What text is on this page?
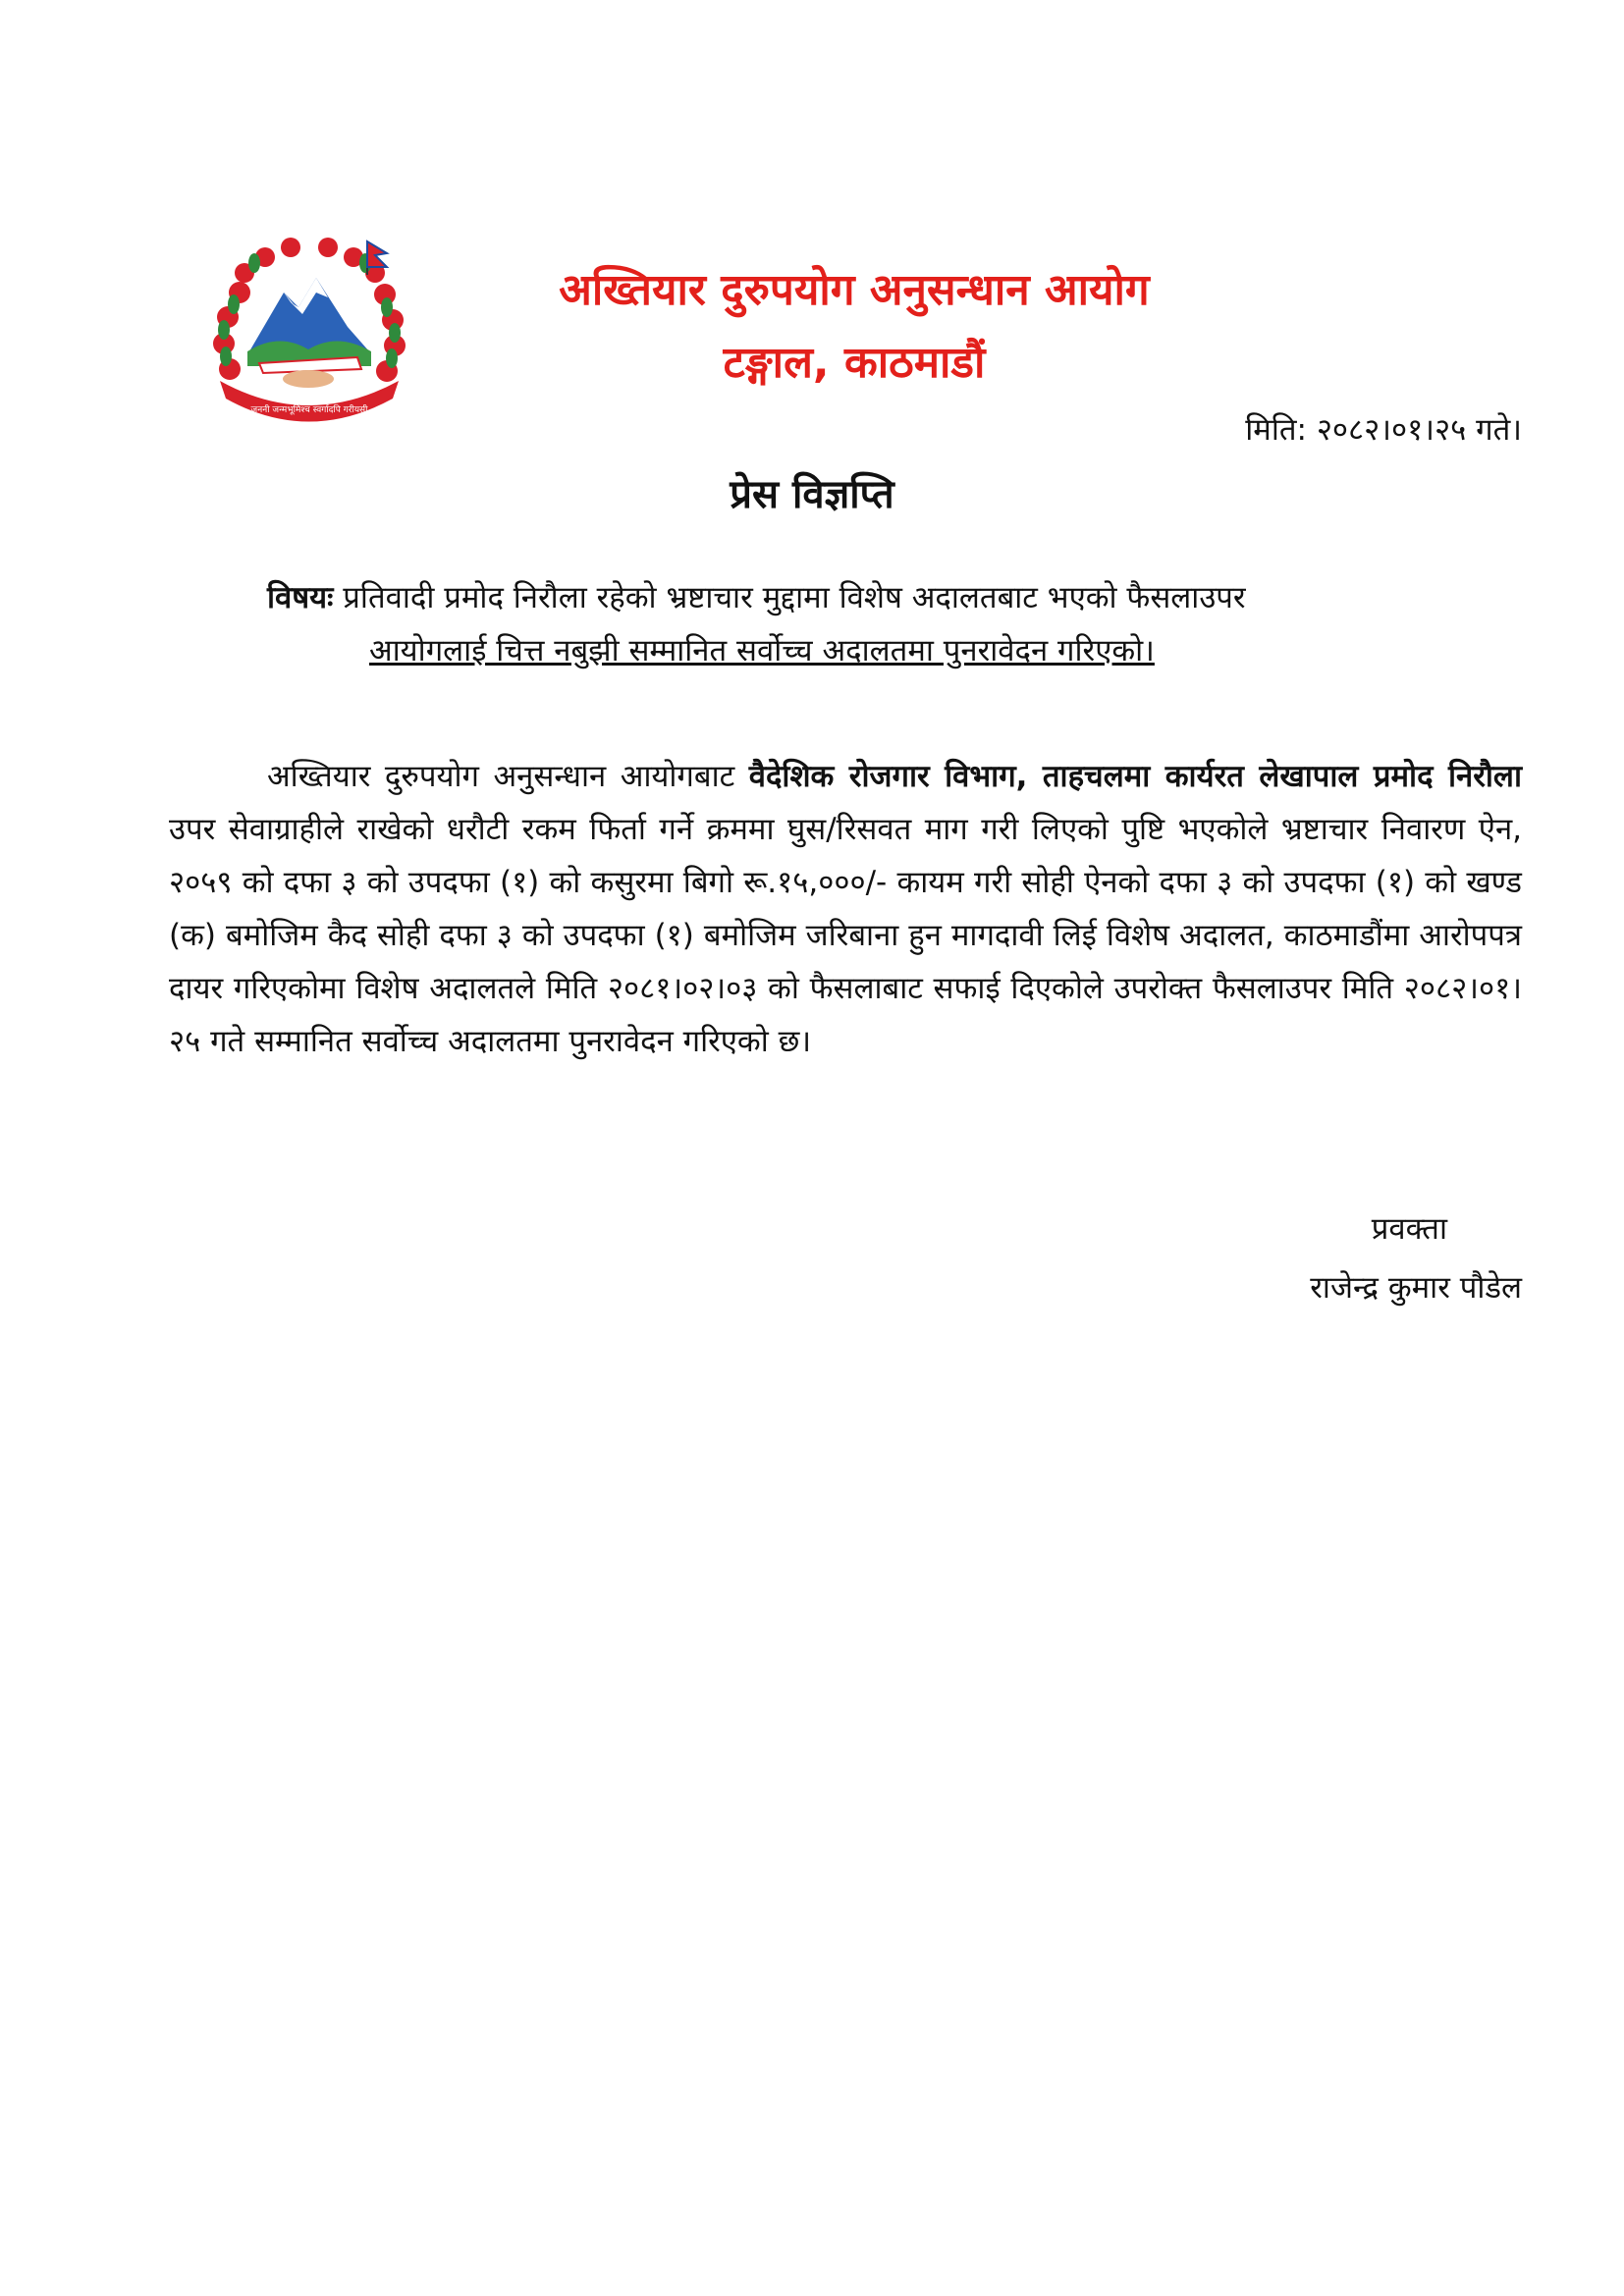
जननी जन्मभूमिश्च स्वर्गादपि गरीयसी
अख्तियार दुरुपयोग अनुसन्धान आयोग
टङ्गाल, काठमाडौं
मिति: २०८२।०१।२५ गते।
प्रेस विज्ञप्ति
विषयः प्रतिवादी प्रमोद निरौला रहेको भ्रष्टाचार मुद्दामा विशेष अदालतबाट भएको फैसलाउपर
आयोगलाई चित्त नबुझी सम्मानित सर्वोच्च अदालतमा पुनरावेदन गरिएको।
अख्तियार दुरुपयोग अनुसन्धान आयोगबाट वैदेशिक रोजगार विभाग, ताहचलमा कार्यरत लेखापाल प्रमोद निरौला उपर सेवाग्राहीले राखेको धरौटी रकम फिर्ता गर्ने क्रममा घुस/रिसवत माग गरी लिएको पुष्टि भएकोले भ्रष्टाचार निवारण ऐन, २०५९ को दफा ३ को उपदफा (१) को कसुरमा बिगो रू.१५,०००/- कायम गरी सोही ऐनको दफा ३ को उपदफा (१) को खण्ड (क) बमोजिम कैद सोही दफा ३ को उपदफा (१) बमोजिम जरिबाना हुन मागदावी लिई विशेष अदालत, काठमाडौंमा आरोपपत्र दायर गरिएकोमा विशेष अदालतले मिति २०८१।०२।०३ को फैसलाबाट सफाई दिएकोले उपरोक्त फैसलाउपर मिति २०८२।०१।२५ गते सम्मानित सर्वोच्च अदालतमा पुनरावेदन गरिएको छ।
प्रवक्ता
राजेन्द्र कुमार पौडेल
